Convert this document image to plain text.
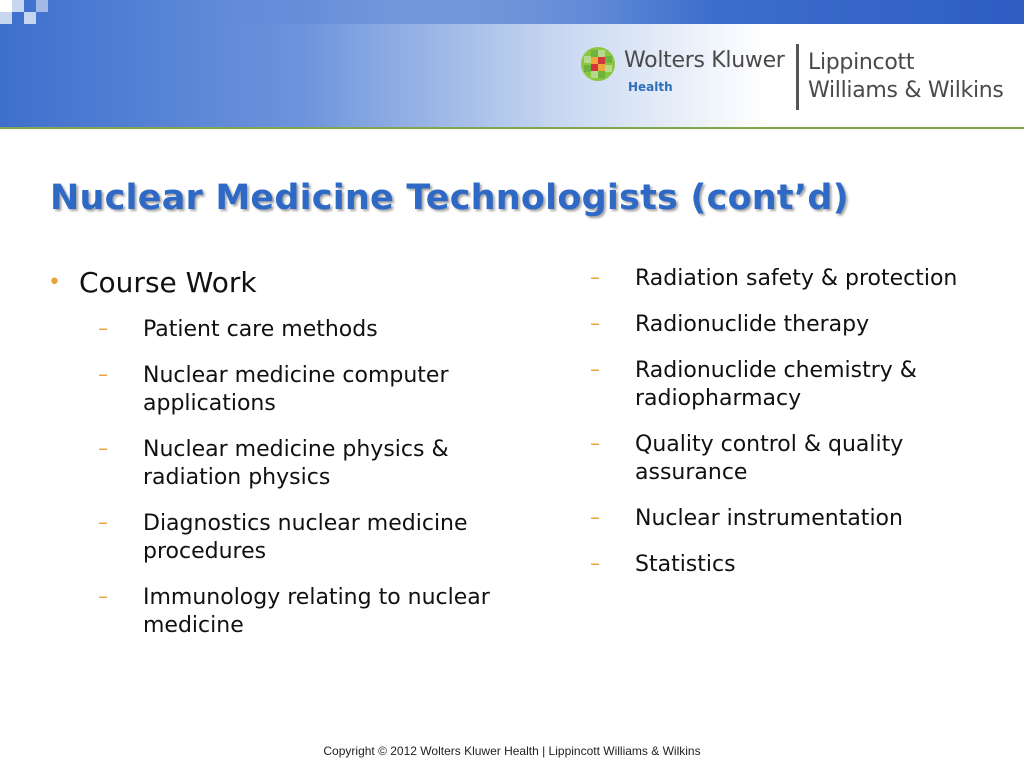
Wolters Kluwer
Health
Lippincott
Williams & Wilkins
Nuclear Medicine Technologists (cont’d)
• Course Work
– Patient care methods
– Nuclear medicine computer applications
– Nuclear medicine physics & radiation physics
– Diagnostics nuclear medicine procedures
– Immunology relating to nuclear medicine
– Radiation safety & protection
– Radionuclide therapy
– Radionuclide chemistry & radiopharmacy
– Quality control & quality assurance
– Nuclear instrumentation
– Statistics
Copyright © 2012 Wolters Kluwer Health | Lippincott Williams & Wilkins
